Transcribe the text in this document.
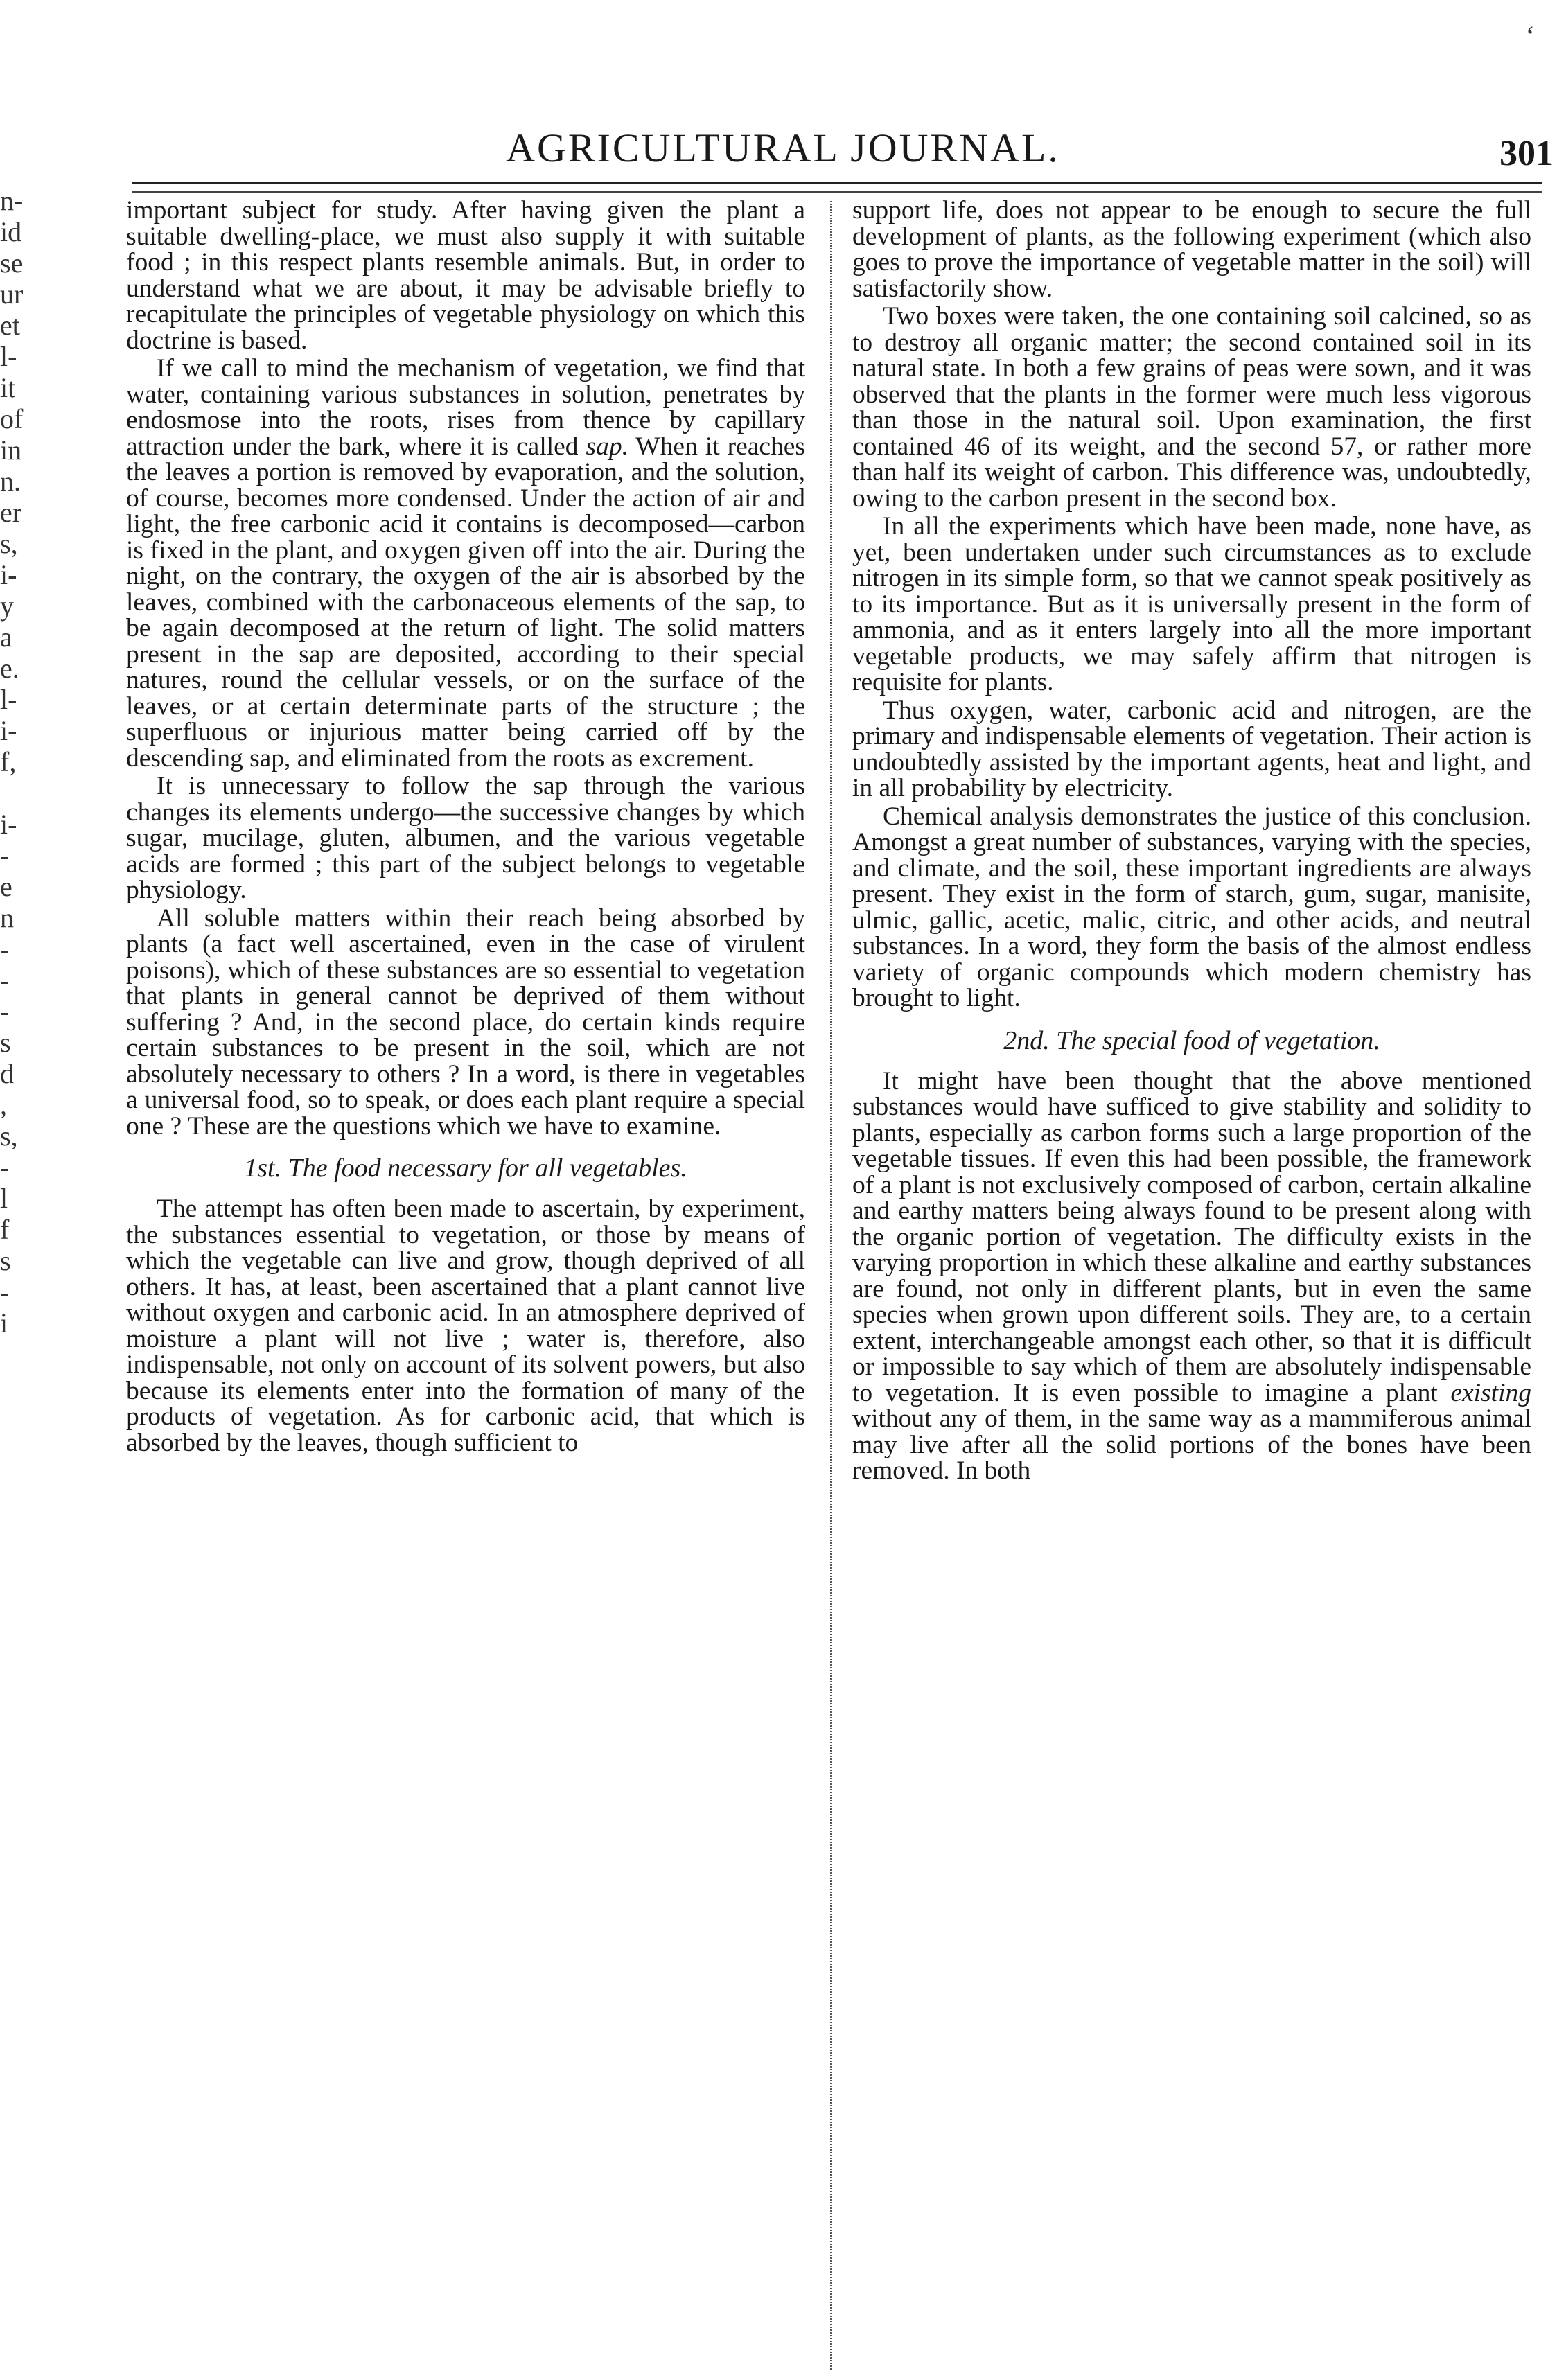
n-
id
se
ur
et
l-
it
of
in
n.
er
s,
i-
y
a
e.
l-
i-
f,
i-
-
e
n
-
-
-
s
d
,
s,
-
l
f
s
-
i
ʻ
AGRICULTURAL JOURNAL.	301

important subject for study. After having given the plant a suitable dwelling-place, we must also supply it with suitable food ; in this respect plants resemble animals. But, in order to understand what we are about, it may be advisable briefly to recapitulate the principles of vegetable physiology on which this doctrine is based.

If we call to mind the mechanism of vegetation, we find that water, containing various substances in solution, penetrates by endosmose into the roots, rises from thence by capillary attraction under the bark, where it is called sap. When it reaches the leaves a portion is removed by evaporation, and the solution, of course, becomes more condensed. Under the action of air and light, the free carbonic acid it contains is decomposed—carbon is fixed in the plant, and oxygen given off into the air. During the night, on the contrary, the oxygen of the air is absorbed by the leaves, combined with the carbonaceous elements of the sap, to be again decomposed at the return of light. The solid matters present in the sap are deposited, according to their special natures, round the cellular vessels, or on the surface of the leaves, or at certain determinate parts of the structure ; the superfluous or injurious matter being carried off by the descending sap, and eliminated from the roots as excrement.

It is unnecessary to follow the sap through the various changes its elements undergo—the successive changes by which sugar, mucilage, gluten, albumen, and the various vegetable acids are formed ; this part of the subject belongs to vegetable physiology.

All soluble matters within their reach being absorbed by plants (a fact well ascertained, even in the case of virulent poisons), which of these substances are so essential to vegetation that plants in general cannot be deprived of them without suffering ? And, in the second place, do certain kinds require certain substances to be present in the soil, which are not absolutely necessary to others ? In a word, is there in vegetables a universal food, so to speak, or does each plant require a special one ? These are the questions which we have to examine.

1st. The food necessary for all vegetables.

The attempt has often been made to ascertain, by experiment, the substances essential to vegetation, or those by means of which the vegetable can live and grow, though deprived of all others. It has, at least, been ascertained that a plant cannot live without oxygen and carbonic acid. In an atmosphere deprived of moisture a plant will not live ; water is, therefore, also indispensable, not only on account of its solvent powers, but also because its elements enter into the formation of many of the products of vegetation. As for carbonic acid, that which is absorbed by the leaves, though sufficient to

support life, does not appear to be enough to secure the full development of plants, as the following experiment (which also goes to prove the importance of vegetable matter in the soil) will satisfactorily show.

Two boxes were taken, the one containing soil calcined, so as to destroy all organic matter; the second contained soil in its natural state. In both a few grains of peas were sown, and it was observed that the plants in the former were much less vigorous than those in the natural soil. Upon examination, the first contained 46 of its weight, and the second 57, or rather more than half its weight of carbon. This difference was, undoubtedly, owing to the carbon present in the second box.

In all the experiments which have been made, none have, as yet, been undertaken under such circumstances as to exclude nitrogen in its simple form, so that we cannot speak positively as to its importance. But as it is universally present in the form of ammonia, and as it enters largely into all the more important vegetable products, we may safely affirm that nitrogen is requisite for plants.

Thus oxygen, water, carbonic acid and nitrogen, are the primary and indispensable elements of vegetation. Their action is undoubtedly assisted by the important agents, heat and light, and in all probability by electricity.

Chemical analysis demonstrates the justice of this conclusion. Amongst a great number of substances, varying with the species, and climate, and the soil, these important ingredients are always present. They exist in the form of starch, gum, sugar, manisite, ulmic, gallic, acetic, malic, citric, and other acids, and neutral substances. In a word, they form the basis of the almost endless variety of organic compounds which modern chemistry has brought to light.

2nd. The special food of vegetation.

It might have been thought that the above mentioned substances would have sufficed to give stability and solidity to plants, especially as carbon forms such a large proportion of the vegetable tissues. If even this had been possible, the framework of a plant is not exclusively composed of carbon, certain alkaline and earthy matters being always found to be present along with the organic portion of vegetation. The difficulty exists in the varying proportion in which these alkaline and earthy substances are found, not only in different plants, but in even the same species when grown upon different soils. They are, to a certain extent, interchangeable amongst each other, so that it is difficult or impossible to say which of them are absolutely indispensable to vegetation. It is even possible to imagine a plant existing without any of them, in the same way as a mammiferous animal may live after all the solid portions of the bones have been removed. In both
